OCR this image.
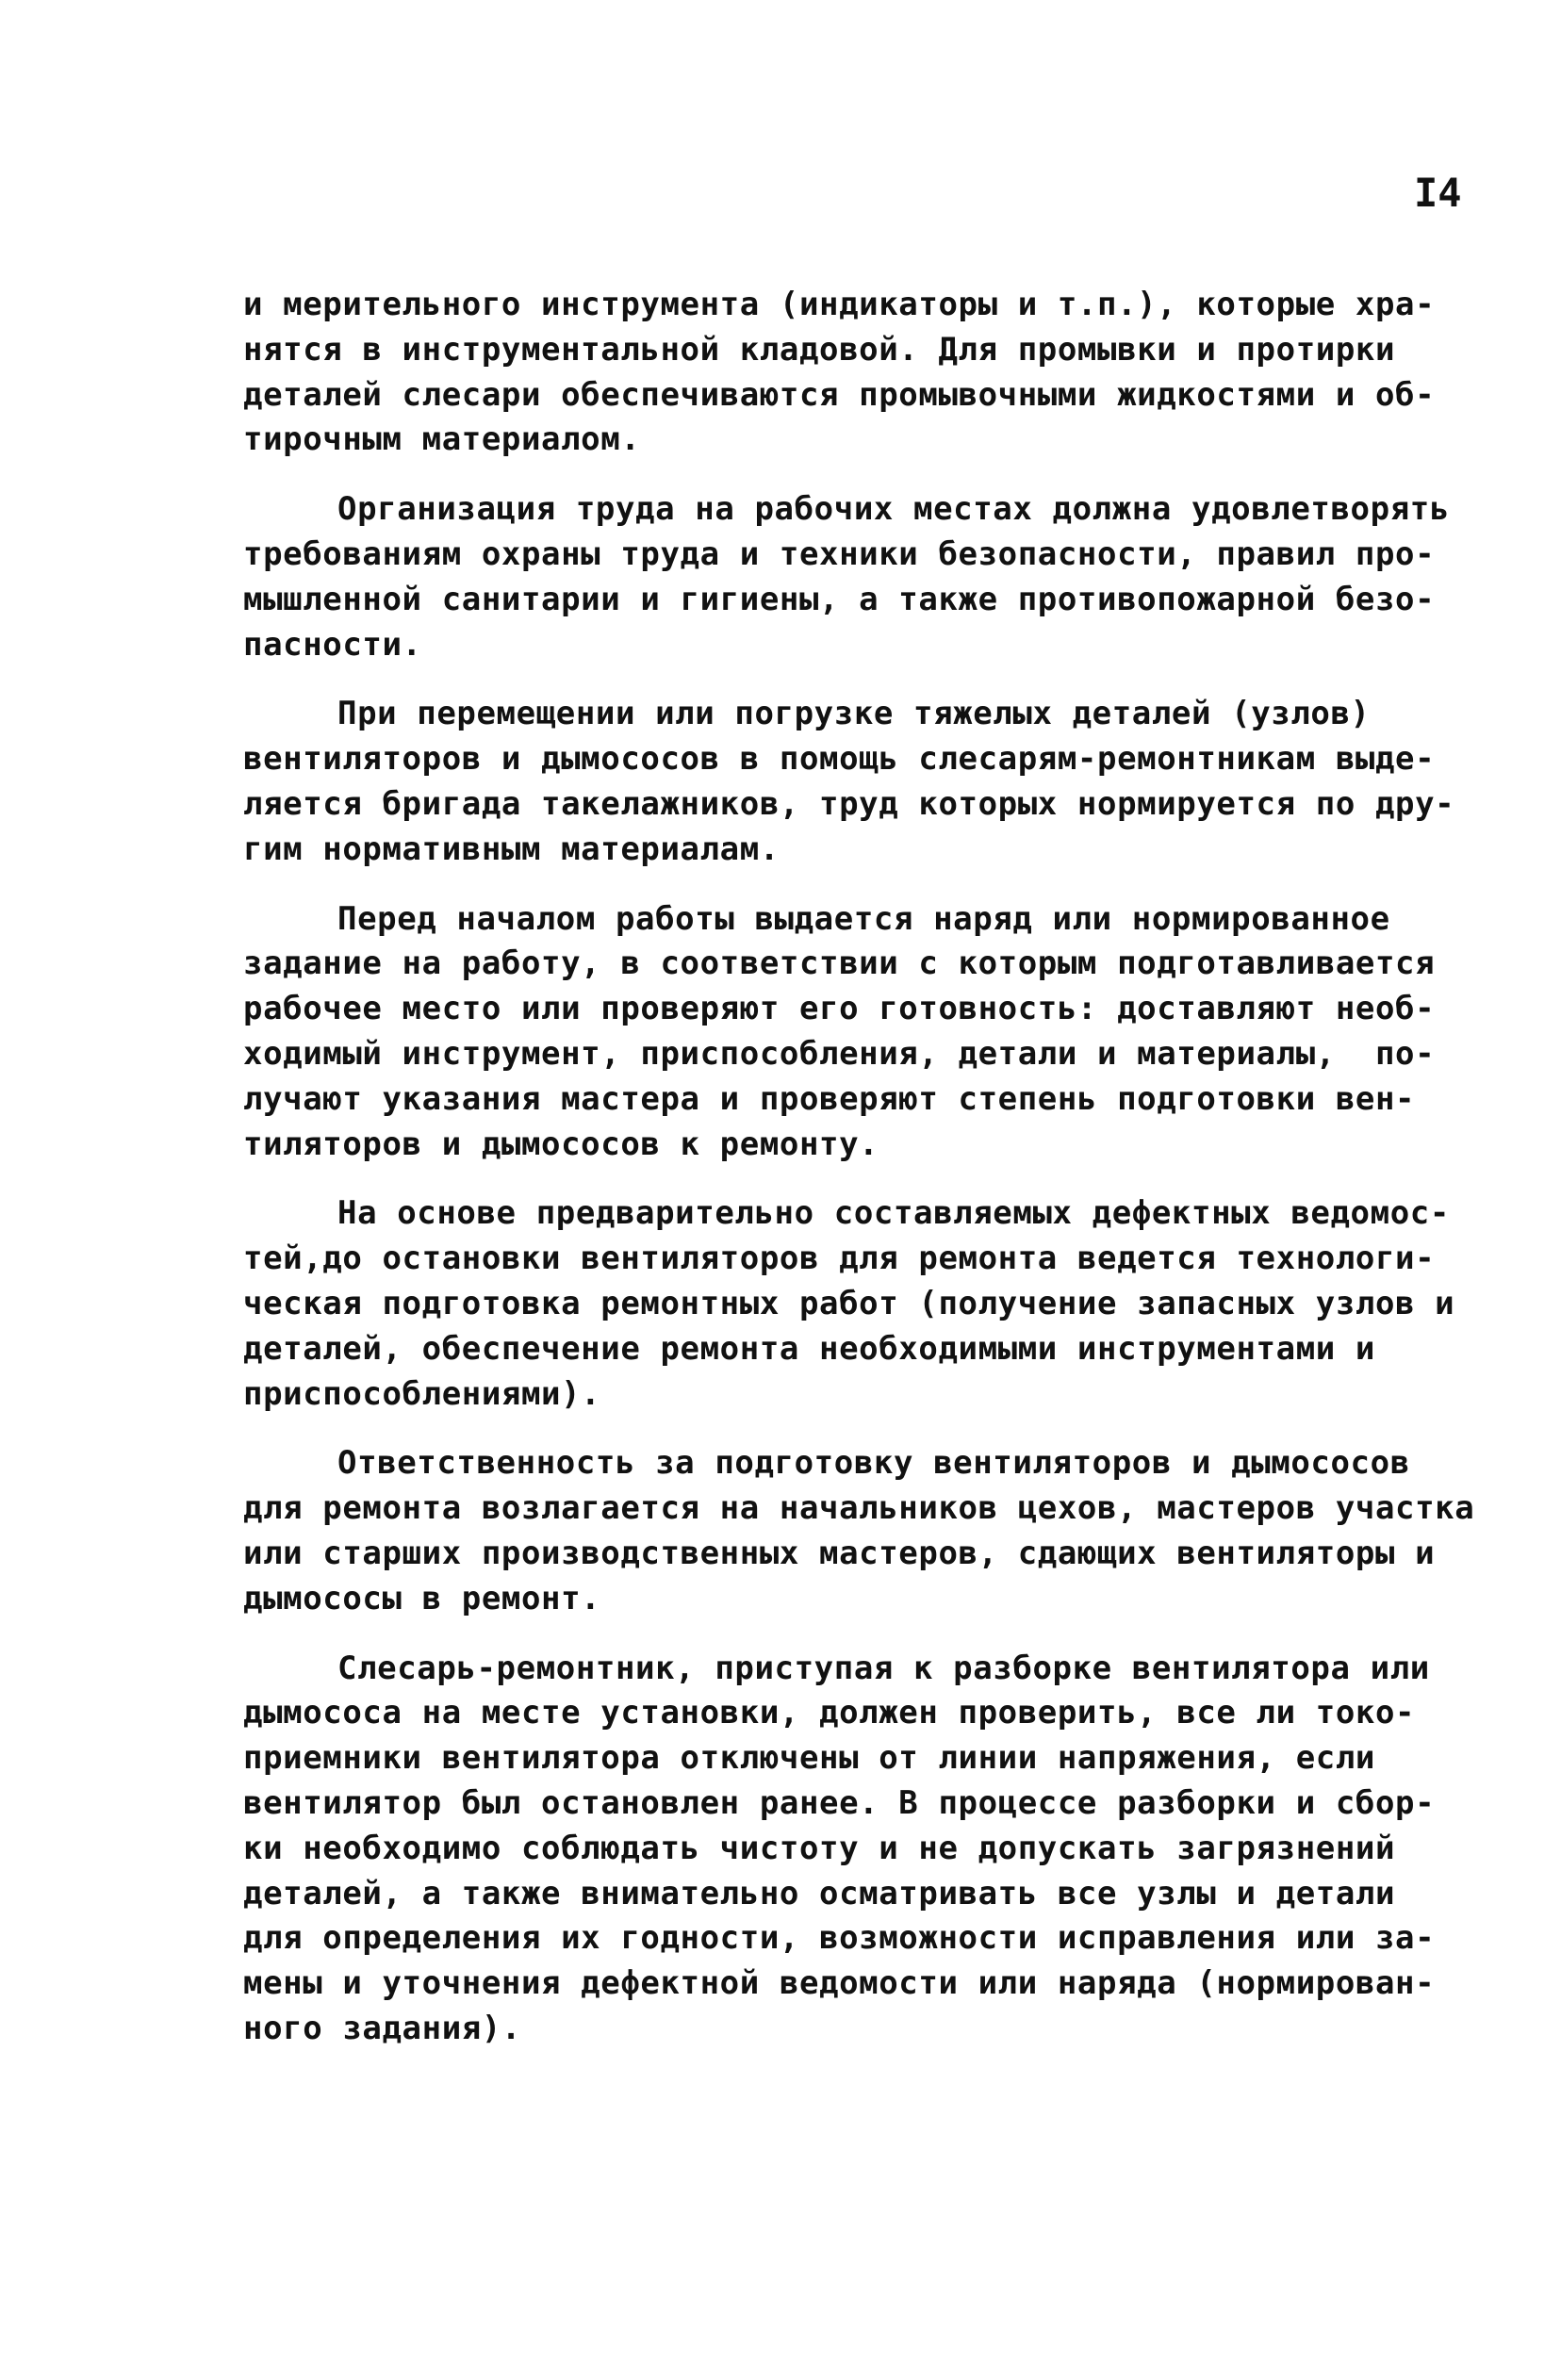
I4
и мерительного инструмента (индикаторы и т.п.), которые хра-
нятся в инструментальной кладовой. Для промывки и протирки
деталей слесари обеспечиваются промывочными жидкостями и об-
тирочным материалом.
Организация труда на рабочих местах должна удовлетворять
требованиям охраны труда и техники безопасности, правил про-
мышленной санитарии и гигиены, а также противопожарной безо-
пасности.
При перемещении или погрузке тяжелых деталей (узлов)
вентиляторов и дымососов в помощь слесарям-ремонтникам выде-
ляется бригада такелажников, труд которых нормируется по дру-
гим нормативным материалам.
Перед началом работы выдается наряд или нормированное
задание на работу, в соответствии с которым подготавливается
рабочее место или проверяют его готовность: доставляют необ-
ходимый инструмент, приспособления, детали и материалы,  по-
лучают указания мастера и проверяют степень подготовки вен-
тиляторов и дымососов к ремонту.
На основе предварительно составляемых дефектных ведомос-
тей,до остановки вентиляторов для ремонта ведется технологи-
ческая подготовка ремонтных работ (получение запасных узлов и
деталей, обеспечение ремонта необходимыми инструментами и
приспособлениями).
Ответственность за подготовку вентиляторов и дымососов
для ремонта возлагается на начальников цехов, мастеров участка
или старших производственных мастеров, сдающих вентиляторы и
дымососы в ремонт.
Слесарь-ремонтник, приступая к разборке вентилятора или
дымососа на месте установки, должен проверить, все ли токо-
приемники вентилятора отключены от линии напряжения, если
вентилятор был остановлен ранее. В процессе разборки и сбор-
ки необходимо соблюдать чистоту и не допускать загрязнений
деталей, а также внимательно осматривать все узлы и детали
для определения их годности, возможности исправления или за-
мены и уточнения дефектной ведомости или наряда (нормирован-
ного задания).
